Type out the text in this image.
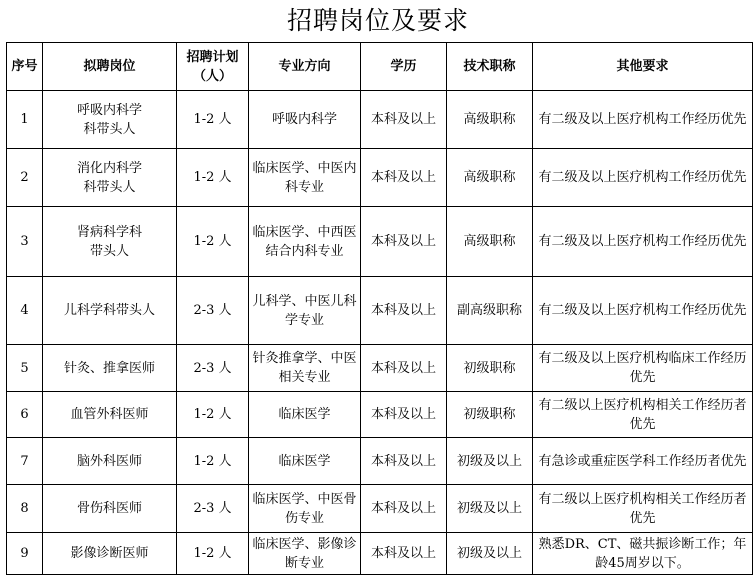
招聘岗位及要求
序号	拟聘岗位	招聘计划（人）	专业方向	学历	技术职称	其他要求
1	呼吸内科学科带头人	1-2 人	呼吸内科学	本科及以上	高级职称	有二级及以上医疗机构工作经历优先
2	消化内科学科带头人	1-2 人	临床医学、中医内科专业	本科及以上	高级职称	有二级及以上医疗机构工作经历优先
3	肾病科学科带头人	1-2 人	临床医学、中西医结合内科专业	本科及以上	高级职称	有二级及以上医疗机构工作经历优先
4	儿科学科带头人	2-3 人	儿科学、中医儿科学专业	本科及以上	副高级职称	有二级及以上医疗机构工作经历优先
5	针灸、推拿医师	2-3 人	针灸推拿学、中医相关专业	本科及以上	初级职称	有二级及以上医疗机构临床工作经历优先
6	血管外科医师	1-2 人	临床医学	本科及以上	初级职称	有二级以上医疗机构相关工作经历者优先
7	脑外科医师	1-2 人	临床医学	本科及以上	初级及以上	有急诊或重症医学科工作经历者优先
8	骨伤科医师	2-3 人	临床医学、中医骨伤专业	本科及以上	初级及以上	有二级以上医疗机构相关工作经历者优先
9	影像诊断医师	1-2 人	临床医学、影像诊断专业	本科及以上	初级及以上	熟悉DR、CT、磁共振诊断工作；年龄45周岁以下。
